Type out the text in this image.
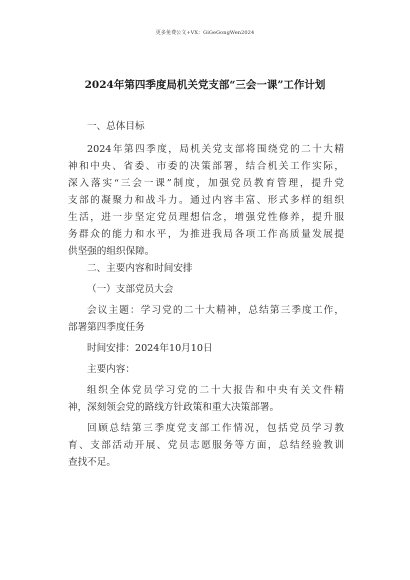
更多免费公文+VX：GiGeGongWen2024
2024年第四季度局机关党支部“三会一课”工作计划
一、总体目标
2024年第四季度，局机关党支部将围绕党的二十大精
神和中央、省委、市委的决策部署，结合机关工作实际，
深入落实“三会一课”制度，加强党员教育管理，提升党
支部的凝聚力和战斗力。通过内容丰富、形式多样的组织
生活，进一步坚定党员理想信念，增强党性修养，提升服
务群众的能力和水平，为推进我局各项工作高质量发展提
供坚强的组织保障。
二、主要内容和时间安排
（一）支部党员大会
会议主题：学习党的二十大精神，总结第三季度工作，
部署第四季度任务
时间安排：2024年10月10日
主要内容：
组织全体党员学习党的二十大报告和中央有关文件精
神，深刻领会党的路线方针政策和重大决策部署。
回顾总结第三季度党支部工作情况，包括党员学习教
育、支部活动开展、党员志愿服务等方面，总结经验教训
查找不足。
